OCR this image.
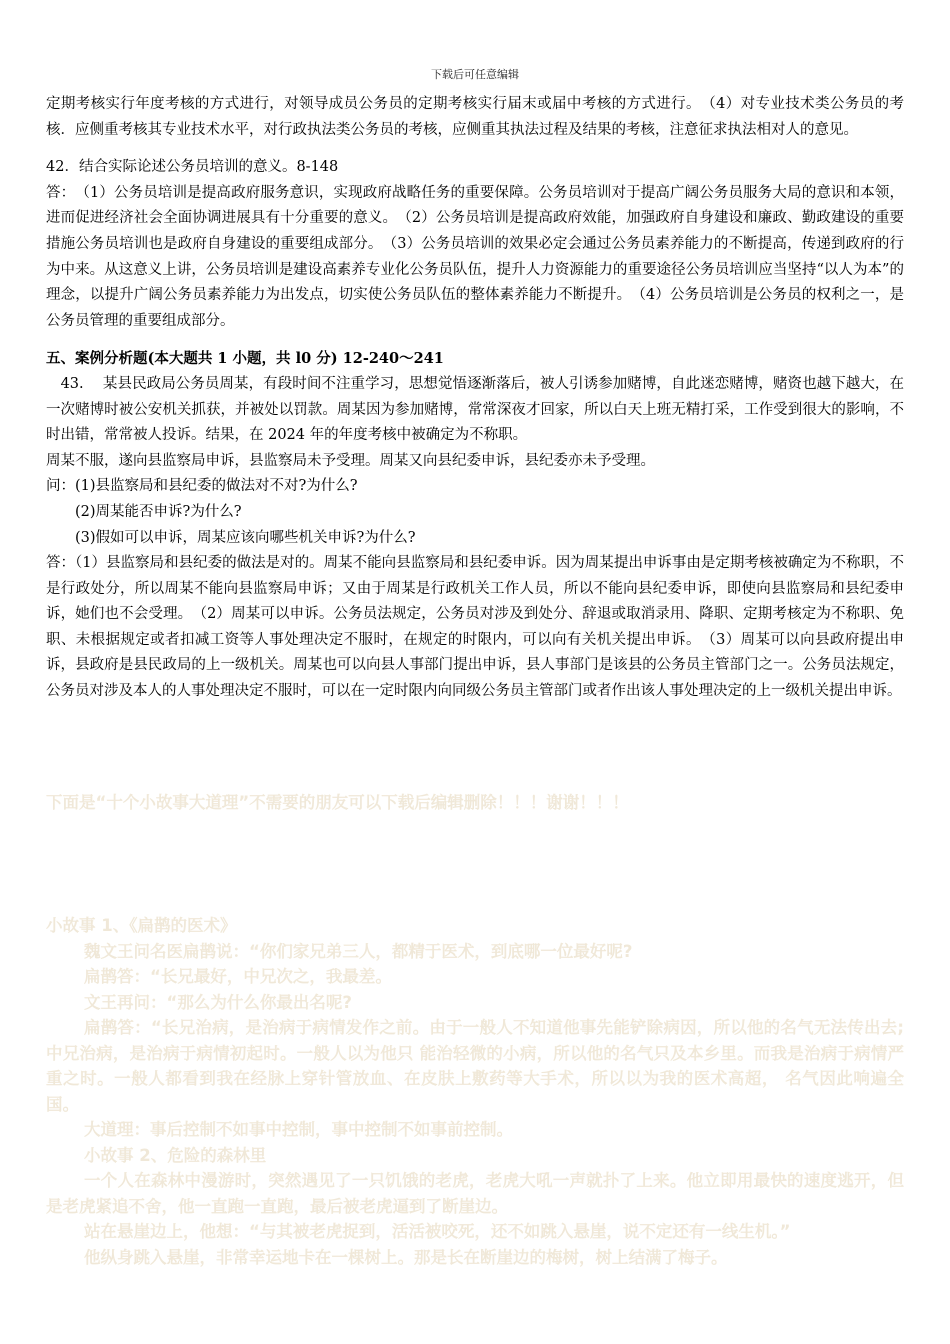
下载后可任意编辑

定期考核实行年度考核的方式进行，对领导成员公务员的定期考核实行届末或届中考核的方式进行。　（4）对专业技术类公务员的考核．应侧重考核其专业技术水平，对行政执法类公务员的考核，应侧重其执法过程及结果的考核，注意征求执法相对人的意见。

42．结合实际论述公务员培训的意义。8-148

答：　（1）公务员培训是提高政府服务意识，实现政府战略任务的重要保障。公务员培训对于提高广阔公务员服务大局的意识和本领，进而促进经济社会全面协调进展具有十分重要的意义。　（2）公务员培训是提高政府效能，加强政府自身建设和廉政、勤政建设的重要措施公务员培训也是政府自身建设的重要组成部分。　（3）公务员培训的效果必定会通过公务员素养能力的不断提高，传递到政府的行为中来。从这意义上讲，公务员培训是建设高素养专业化公务员队伍，提升人力资源能力的重要途径公务员培训应当坚持“以人为本”的理念，以提升广阔公务员素养能力为出发点，切实使公务员队伍的整体素养能力不断提升。　（4）公务员培训是公务员的权利之一，是公务员管理的重要组成部分。

五、案例分析题(本大题共 1 小题，共 l0 分) 12-240～241

　43.　 某县民政局公务员周某，有段时间不注重学习，思想觉悟逐渐落后，被人引诱参加赌博，自此迷恋赌博，赌资也越下越大，在一次赌博时被公安机关抓获，并被处以罚款。周某因为参加赌博，常常深夜才回家，所以白天上班无精打采，工作受到很大的影响，不时出错，常常被人投诉。结果，在 2024 年的年度考核中被确定为不称职。

周某不服，遂向县监察局申诉，县监察局未予受理。周某又向县纪委申诉，县纪委亦未予受理。

问：(1)县监察局和县纪委的做法对不对?为什么?

　　(2)周某能否申诉?为什么?

　　(3)假如可以申诉，周某应该向哪些机关申诉?为什么?

答：（1）县监察局和县纪委的做法是对的。周某不能向县监察局和县纪委申诉。因为周某提出申诉事由是定期考核被确定为不称职，不是行政处分，所以周某不能向县监察局申诉；又由于周某是行政机关工作人员，所以不能向县纪委申诉，即使向县监察局和县纪委申诉，她们也不会受理。　（2）周某可以申诉。公务员法规定，公务员对涉及到处分、辞退或取消录用、降职、定期考核定为不称职、免职、未根据规定或者扣减工资等人事处理决定不服时，在规定的时限内，可以向有关机关提出申诉。　（3）周某可以向县政府提出申诉，县政府是县民政局的上一级机关。周某也可以向县人事部门提出申诉，县人事部门是该县的公务员主管部门之一。公务员法规定，公务员对涉及本人的人事处理决定不服时，可以在一定时限内向同级公务员主管部门或者作出该人事处理决定的上一级机关提出申诉。

下面是“十个小故事大道理”不需要的朋友可以下载后编辑删除！！！谢谢！！！

小故事 1、《扁鹊的医术》

魏文王问名医扁鹊说：“你们家兄弟三人，都精于医术，到底哪一位最好呢?

扁鹊答：“长兄最好，中兄次之，我最差。

文王再问：“那么为什么你最出名呢?

扁鹊答：“长兄治病，是治病于病情发作之前。由于一般人不知道他事先能铲除病因，所以他的名气无法传出去;中兄治病，是治病于病情初起时。一般人以为他只 能治轻微的小病，所以他的名气只及本乡里。而我是治病于病情严重之时。一般人都看到我在经脉上穿针管放血、在皮肤上敷药等大手术，所以以为我的医术高超， 名气因此响遍全国。

大道理：事后控制不如事中控制，事中控制不如事前控制。

小故事 2、危险的森林里

一个人在森林中漫游时，突然遇见了一只饥饿的老虎，老虎大吼一声就扑了上来。他立即用最快的速度逃开，但是老虎紧追不舍，他一直跑一直跑，最后被老虎逼到了断崖边。

站在悬崖边上，他想：“与其被老虎捉到，活活被咬死，还不如跳入悬崖，说不定还有一线生机。”

他纵身跳入悬崖，非常幸运地卡在一棵树上。那是长在断崖边的梅树，树上结满了梅子。
